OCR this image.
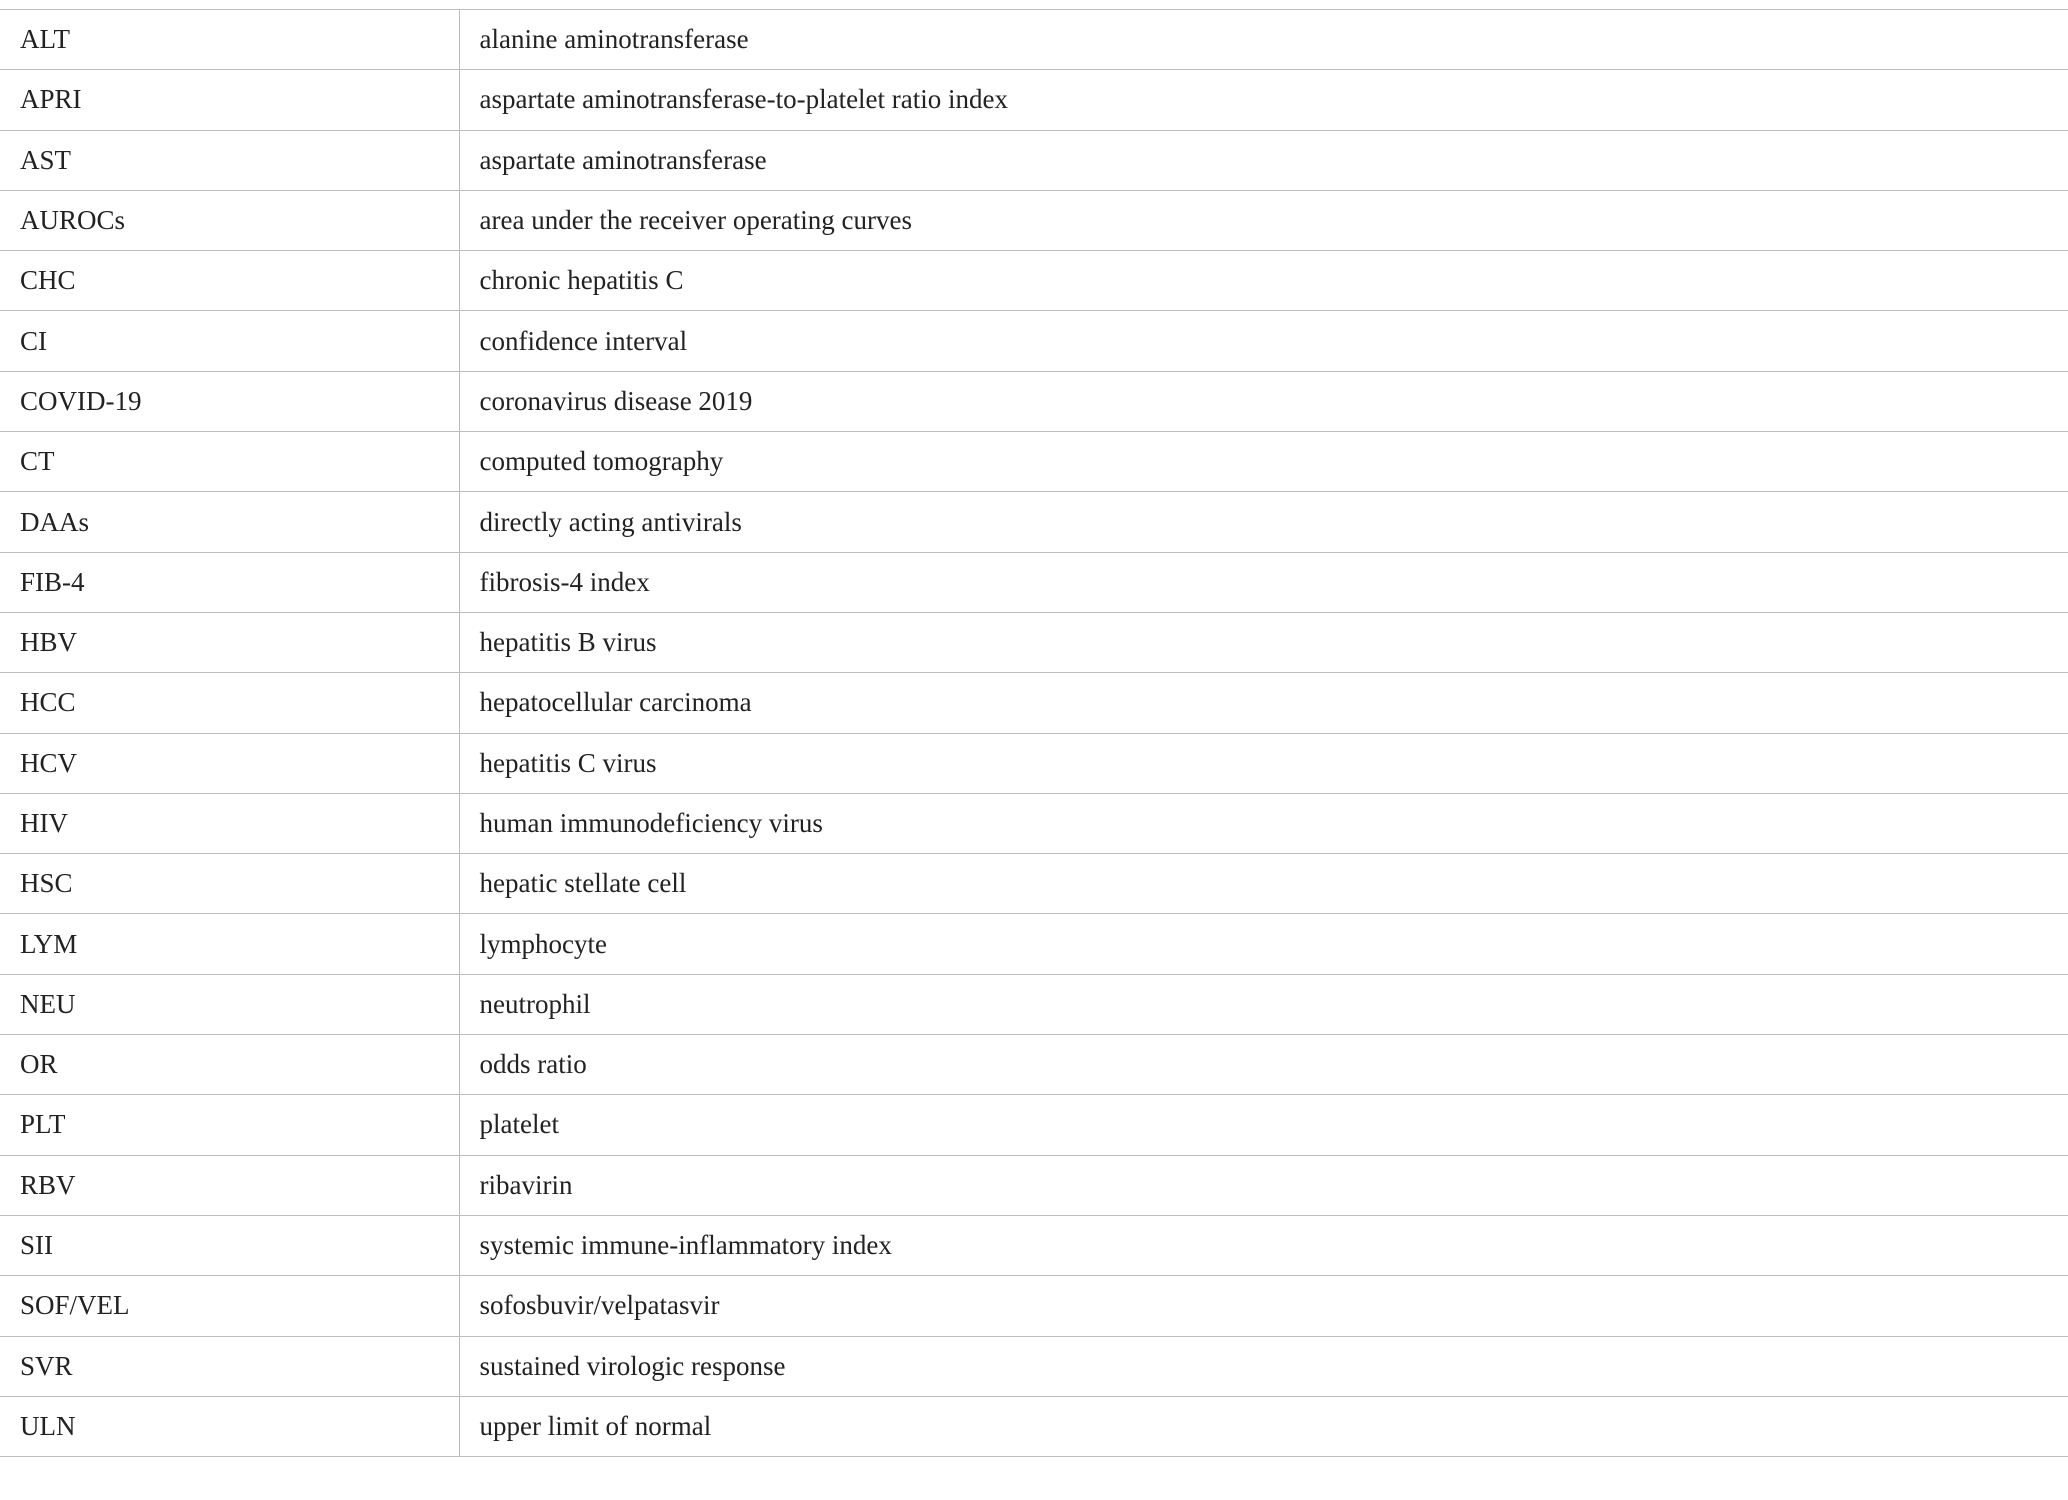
ALT	alanine aminotransferase
APRI	aspartate aminotransferase-to-platelet ratio index
AST	aspartate aminotransferase
AUROCs	area under the receiver operating curves
CHC	chronic hepatitis C
CI	confidence interval
COVID-19	coronavirus disease 2019
CT	computed tomography
DAAs	directly acting antivirals
FIB-4	fibrosis-4 index
HBV	hepatitis B virus
HCC	hepatocellular carcinoma
HCV	hepatitis C virus
HIV	human immunodeficiency virus
HSC	hepatic stellate cell
LYM	lymphocyte
NEU	neutrophil
OR	odds ratio
PLT	platelet
RBV	ribavirin
SII	systemic immune-inflammatory index
SOF/VEL	sofosbuvir/velpatasvir
SVR	sustained virologic response
ULN	upper limit of normal
